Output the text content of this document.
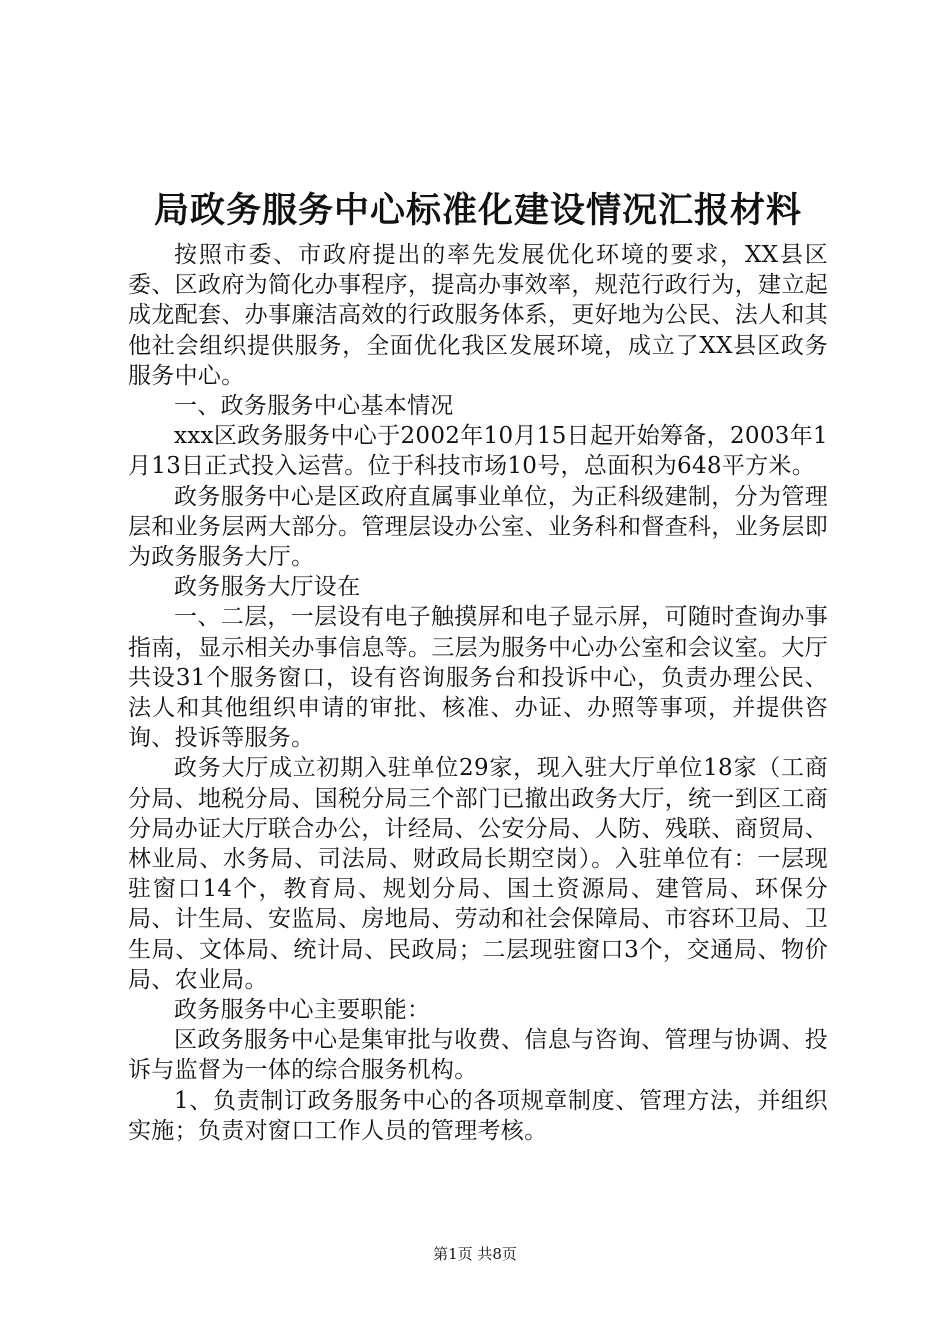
局政务服务中心标准化建设情况汇报材料

按照市委、市政府提出的率先发展优化环境的要求，XX县区委、区政府为简化办事程序，提高办事效率，规范行政行为，建立起成龙配套、办事廉洁高效的行政服务体系，更好地为公民、法人和其他社会组织提供服务，全面优化我区发展环境，成立了XX县区政务服务中心。

一、政务服务中心基本情况

xxx区政务服务中心于2002年10月15日起开始筹备，2003年1月13日正式投入运营。位于科技市场10号，总面积为648平方米。

政务服务中心是区政府直属事业单位，为正科级建制，分为管理层和业务层两大部分。管理层设办公室、业务科和督查科，业务层即为政务服务大厅。

政务服务大厅设在

一、二层，一层设有电子触摸屏和电子显示屏，可随时查询办事指南，显示相关办事信息等。三层为服务中心办公室和会议室。大厅共设31个服务窗口，设有咨询服务台和投诉中心，负责办理公民、法人和其他组织申请的审批、核准、办证、办照等事项，并提供咨询、投诉等服务。

政务大厅成立初期入驻单位29家，现入驻大厅单位18家（工商分局、地税分局、国税分局三个部门已撤出政务大厅，统一到区工商分局办证大厅联合办公，计经局、公安分局、人防、残联、商贸局、林业局、水务局、司法局、财政局长期空岗）。入驻单位有：一层现驻窗口14个，教育局、规划分局、国土资源局、建管局、环保分局、计生局、安监局、房地局、劳动和社会保障局、市容环卫局、卫生局、文体局、统计局、民政局；二层现驻窗口3个，交通局、物价局、农业局。

政务服务中心主要职能：

区政务服务中心是集审批与收费、信息与咨询、管理与协调、投诉与监督为一体的综合服务机构。

1、负责制订政务服务中心的各项规章制度、管理方法，并组织实施；负责对窗口工作人员的管理考核。

第1页 共8页
